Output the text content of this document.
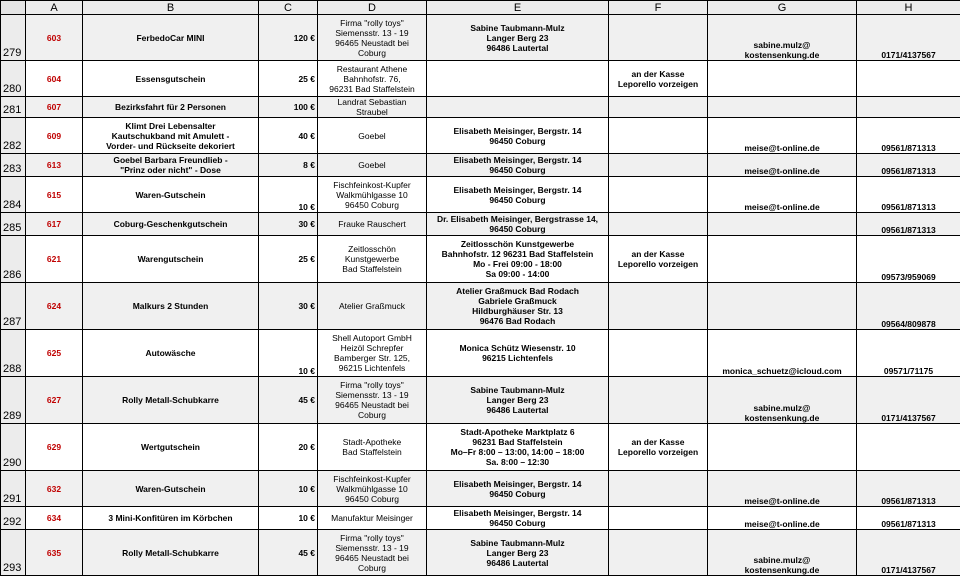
	A	B	C	D	E	F	G	H
279	603	FerbedoCar MINI	120 €	Firma "rolly toys"
Siemensstr. 13 - 19
96465 Neustadt bei
Coburg	Sabine Taubmann-Mulz
Langer Berg 23
96486 Lautertal		sabine.mulz@
kostensenkung.de	0171/4137567
280	604	Essensgutschein	25 €	Restaurant Athene
Bahnhofstr. 76,
96231 Bad Staffelstein		an der Kasse
Leporello vorzeigen		
281	607	Bezirksfahrt für 2 Personen	100 €	Landrat Sebastian
Straubel				
282	609	Klimt Drei Lebensalter
Kautschukband mit Amulett -
Vorder- und Rückseite dekoriert	40 €	Goebel	Elisabeth Meisinger, Bergstr. 14
96450 Coburg		meise@t-online.de	09561/871313
283	613	Goebel Barbara Freundlieb -
"Prinz oder nicht" - Dose	8 €	Goebel	Elisabeth Meisinger, Bergstr. 14
96450 Coburg		meise@t-online.de	09561/871313
284	615	Waren-Gutschein	10 €	Fischfeinkost-Kupfer
Walkmühlgasse 10
96450 Coburg	Elisabeth Meisinger, Bergstr. 14
96450 Coburg		meise@t-online.de	09561/871313
285	617	Coburg-Geschenkgutschein	30 €	Frauke Rauschert	Dr. Elisabeth Meisinger, Bergstrasse 14,
96450 Coburg			09561/871313
286	621	Warengutschein	25 €	Zeitlosschön
Kunstgewerbe
Bad Staffelstein	Zeitlosschön Kunstgewerbe
Bahnhofstr. 12 96231 Bad Staffelstein
Mo - Frei 09:00 - 18:00
Sa 09:00 - 14:00	an der Kasse
Leporello vorzeigen		09573/959069
287	624	Malkurs 2 Stunden	30 €	Atelier Graßmuck	Atelier Graßmuck Bad Rodach
Gabriele Graßmuck
Hildburghäuser Str. 13
96476 Bad Rodach			09564/809878
288	625	Autowäsche	10 €	Shell Autoport GmbH
Heizöl Schrepfer
Bamberger Str. 125,
96215 Lichtenfels	Monica Schütz Wiesenstr. 10
96215 Lichtenfels		monica_schuetz@icloud.com	09571/71175
289	627	Rolly Metall-Schubkarre	45 €	Firma "rolly toys"
Siemensstr. 13 - 19
96465 Neustadt bei
Coburg	Sabine Taubmann-Mulz
Langer Berg 23
96486 Lautertal		sabine.mulz@
kostensenkung.de	0171/4137567
290	629	Wertgutschein	20 €	Stadt-Apotheke
Bad Staffelstein	Stadt-Apotheke Marktplatz 6
96231 Bad Staffelstein
Mo–Fr 8:00 – 13:00, 14:00 – 18:00
Sa. 8:00 – 12:30	an der Kasse
Leporello vorzeigen		
291	632	Waren-Gutschein	10 €	Fischfeinkost-Kupfer
Walkmühlgasse 10
96450 Coburg	Elisabeth Meisinger, Bergstr. 14
96450 Coburg		meise@t-online.de	09561/871313
292	634	3 Mini-Konfitüren im Körbchen	10 €	Manufaktur Meisinger	Elisabeth Meisinger, Bergstr. 14
96450 Coburg		meise@t-online.de	09561/871313
293	635	Rolly Metall-Schubkarre	45 €	Firma "rolly toys"
Siemensstr. 13 - 19
96465 Neustadt bei
Coburg	Sabine Taubmann-Mulz
Langer Berg 23
96486 Lautertal		sabine.mulz@
kostensenkung.de	0171/4137567
